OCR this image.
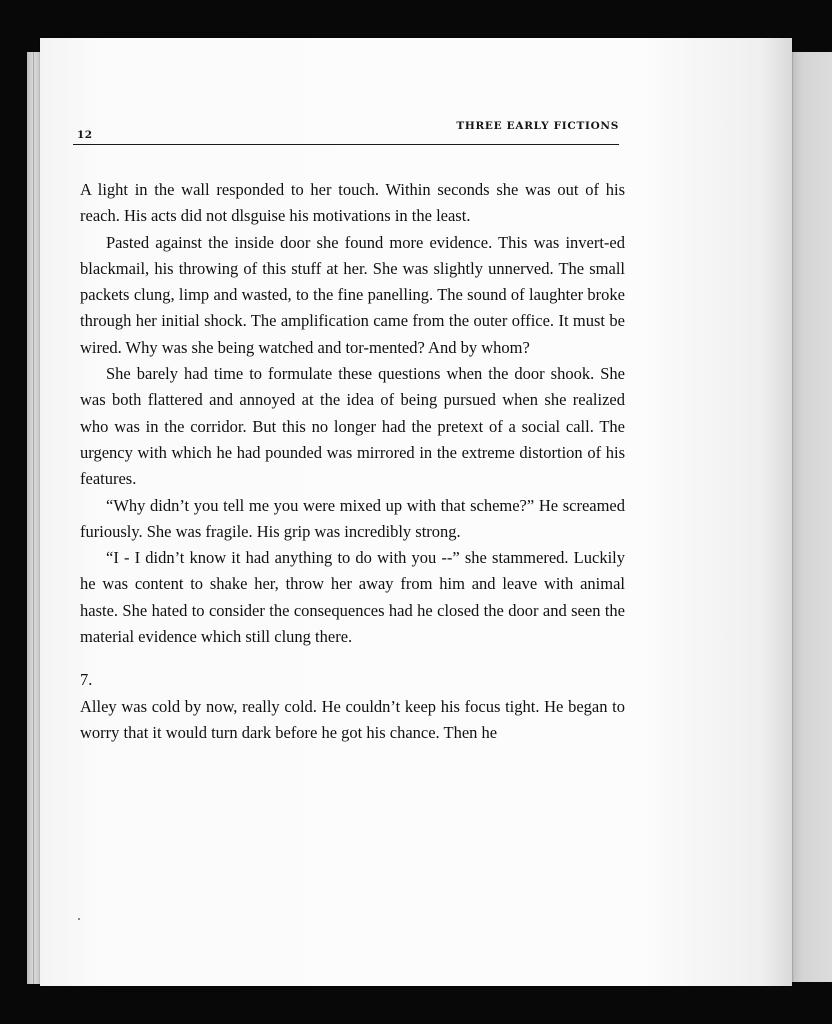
12
THREE EARLY FICTIONS

A light in the wall responded to her touch. Within seconds she was out of his reach. His acts did not dlsguise his motivations in the least.

Pasted against the inside door she found more evidence. This was invert-ed blackmail, his throwing of this stuff at her. She was slightly unnerved. The small packets clung, limp and wasted, to the fine panelling. The sound of laughter broke through her initial shock. The amplification came from the outer office. It must be wired. Why was she being watched and tor-mented? And by whom?

She barely had time to formulate these questions when the door shook. She was both flattered and annoyed at the idea of being pursued when she realized who was in the corridor. But this no longer had the pretext of a social call. The urgency with which he had pounded was mirrored in the extreme distortion of his features.

“Why didn’t you tell me you were mixed up with that scheme?” He screamed furiously. She was fragile. His grip was incredibly strong.

“I - I didn’t know it had anything to do with you --” she stammered. Luckily he was content to shake her, throw her away from him and leave with animal haste. She hated to consider the consequences had he closed the door and seen the material evidence which still clung there.

7.

Alley was cold by now, really cold. He couldn’t keep his focus tight. He began to worry that it would turn dark before he got his chance. Then he
